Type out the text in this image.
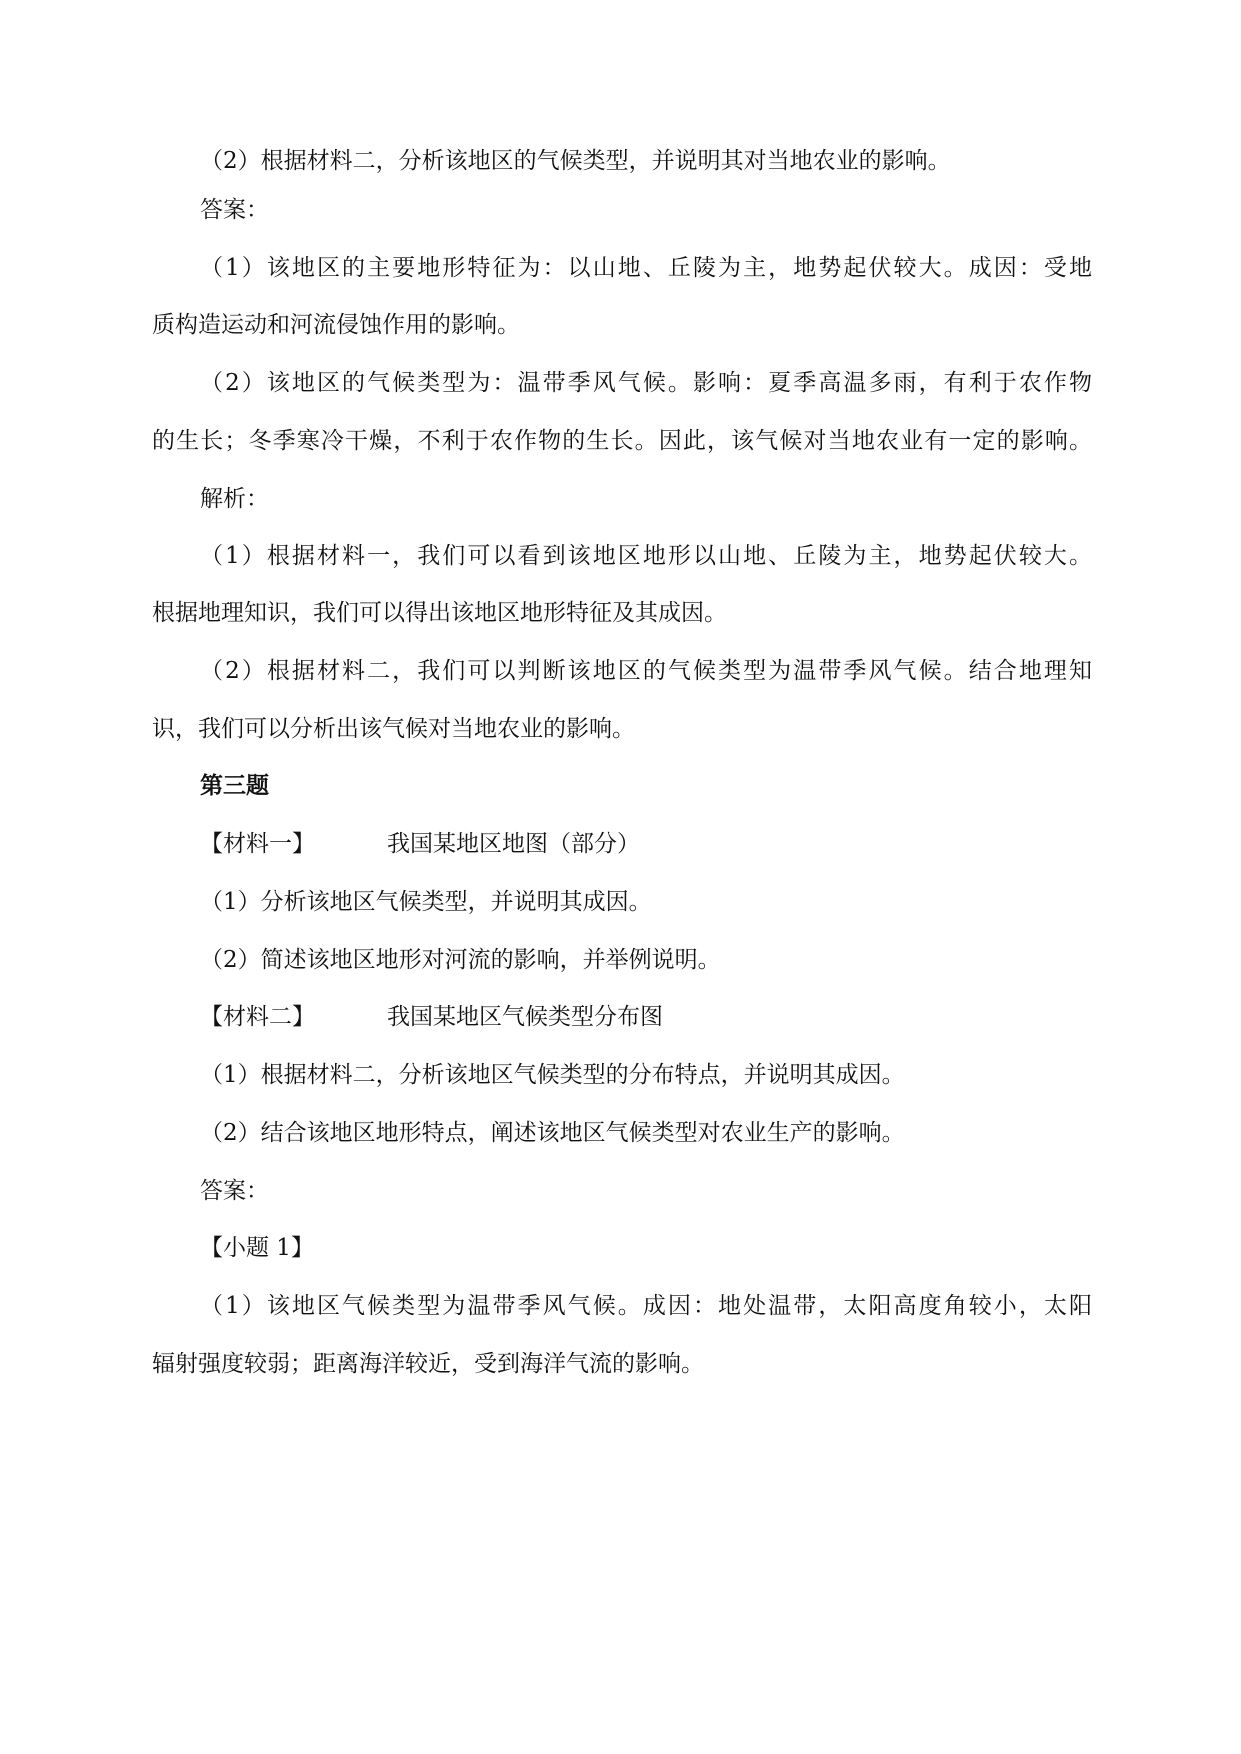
（2）根据材料二，分析该地区的气候类型，并说明其对当地农业的影响。
答案：
（1）该地区的主要地形特征为：以山地、丘陵为主，地势起伏较大。成因：受地
质构造运动和河流侵蚀作用的影响。
（2）该地区的气候类型为：温带季风气候。影响：夏季高温多雨，有利于农作物
的生长；冬季寒冷干燥，不利于农作物的生长。因此，该气候对当地农业有一定的影响。
解析：
（1）根据材料一，我们可以看到该地区地形以山地、丘陵为主，地势起伏较大。
根据地理知识，我们可以得出该地区地形特征及其成因。
（2）根据材料二，我们可以判断该地区的气候类型为温带季风气候。结合地理知
识，我们可以分析出该气候对当地农业的影响。
第三题
【材料一】	我国某地区地图（部分）
（1）分析该地区气候类型，并说明其成因。
（2）简述该地区地形对河流的影响，并举例说明。
【材料二】	我国某地区气候类型分布图
（1）根据材料二，分析该地区气候类型的分布特点，并说明其成因。
（2）结合该地区地形特点，阐述该地区气候类型对农业生产的影响。
答案：
【小题 1】
（1）该地区气候类型为温带季风气候。成因：地处温带，太阳高度角较小，太阳
辐射强度较弱；距离海洋较近，受到海洋气流的影响。
